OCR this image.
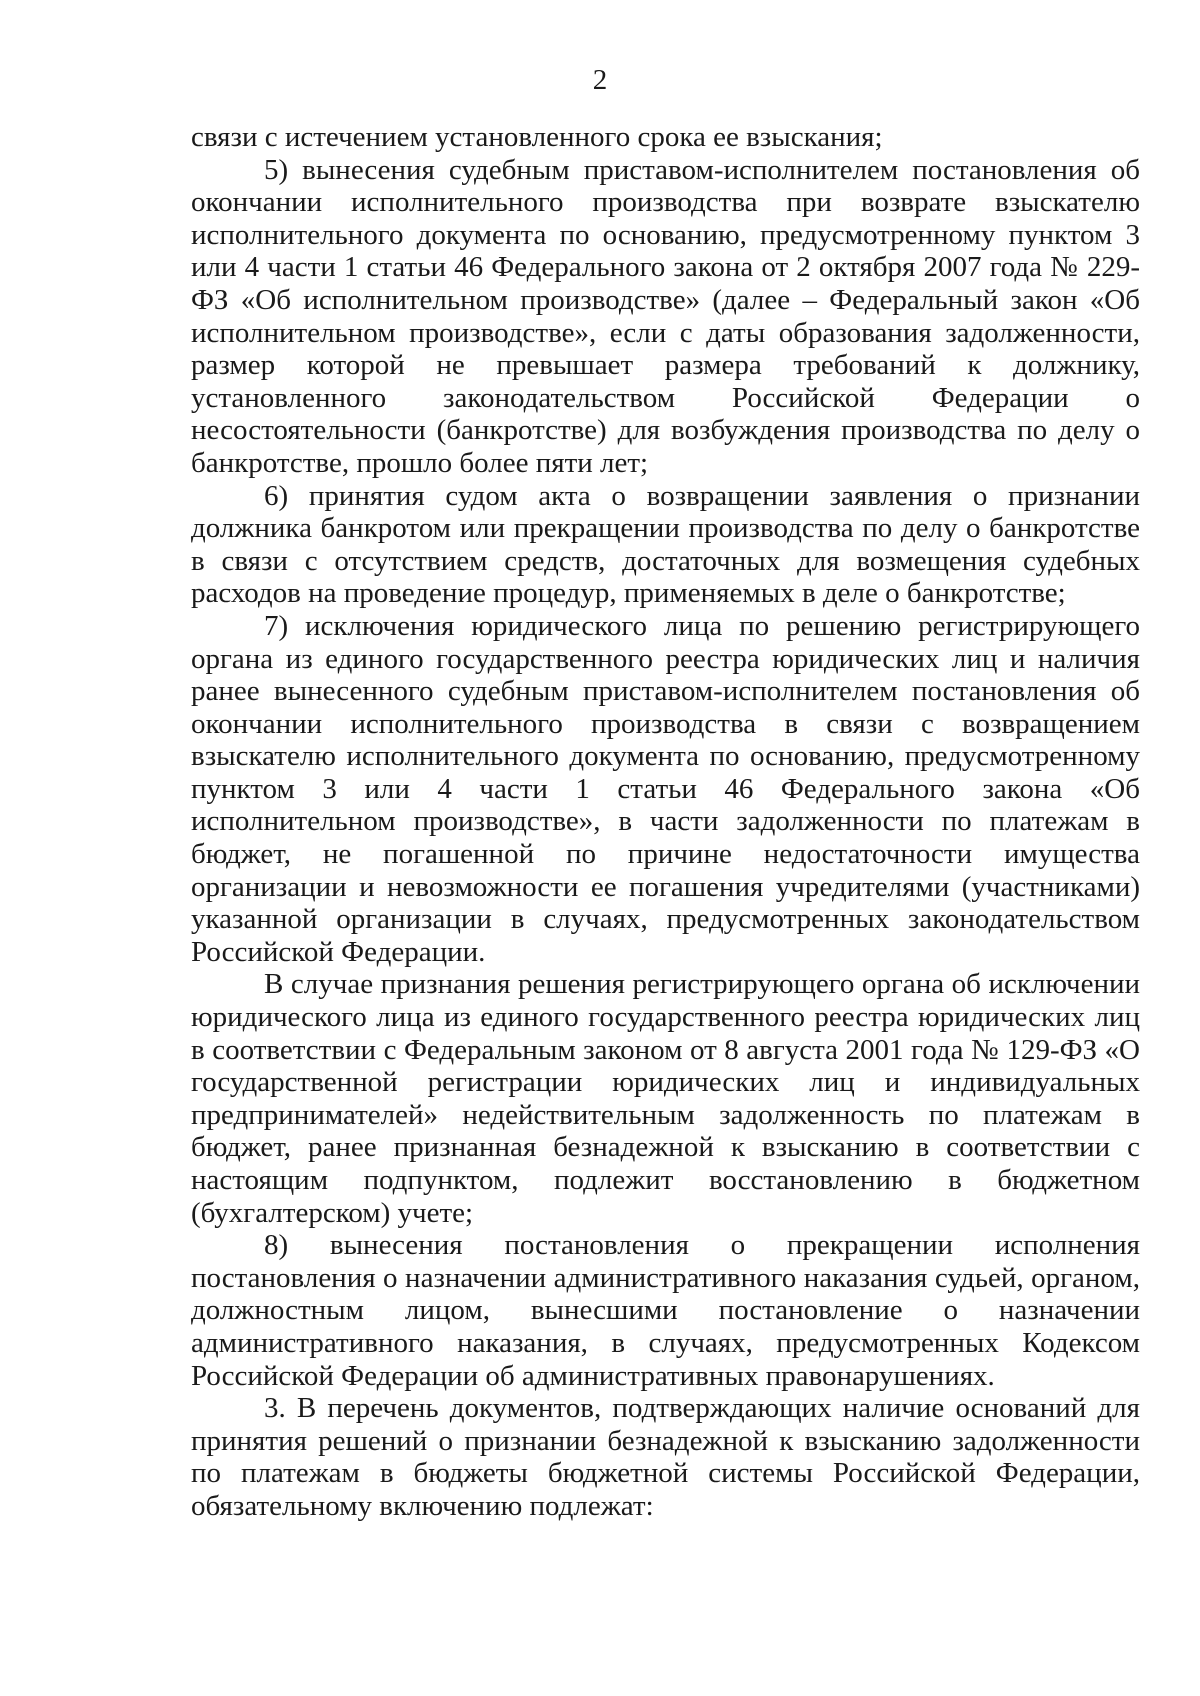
2

связи с истечением установленного срока ее взыскания;

5) вынесения судебным приставом-исполнителем постановления об окончании исполнительного производства при возврате взыскателю исполнительного документа по основанию, предусмотренному пунктом 3 или 4 части 1 статьи 46 Федерального закона от 2 октября 2007 года № 229-ФЗ «Об исполнительном производстве» (далее – Федеральный закон «Об исполнительном производстве», если с даты образования задолженности, размер которой не превышает размера требований к должнику, установленного законодательством Российской Федерации о несостоятельности (банкротстве) для возбуждения производства по делу о банкротстве, прошло более пяти лет;

6) принятия судом акта о возвращении заявления о признании должника банкротом или прекращении производства по делу о банкротстве в связи с отсутствием средств, достаточных для возмещения судебных расходов на проведение процедур, применяемых в деле о банкротстве;

7) исключения юридического лица по решению регистрирующего органа из единого государственного реестра юридических лиц и наличия ранее вынесенного судебным приставом-исполнителем постановления об окончании исполнительного производства в связи с возвращением взыскателю исполнительного документа по основанию, предусмотренному пунктом 3 или 4 части 1 статьи 46 Федерального закона «Об исполнительном производстве», в части задолженности по платежам в бюджет, не погашенной по причине недостаточности имущества организации и невозможности ее погашения учредителями (участниками) указанной организации в случаях, предусмотренных законодательством Российской Федерации.

В случае признания решения регистрирующего органа об исключении юридического лица из единого государственного реестра юридических лиц в соответствии с Федеральным законом от 8 августа 2001 года № 129-ФЗ «О государственной регистрации юридических лиц и индивидуальных предпринимателей» недействительным задолженность по платежам в бюджет, ранее признанная безнадежной к взысканию в соответствии с настоящим подпунктом, подлежит восстановлению в бюджетном (бухгалтерском) учете;

8) вынесения постановления о прекращении исполнения постановления о назначении административного наказания судьей, органом, должностным лицом, вынесшими постановление о назначении административного наказания, в случаях, предусмотренных Кодексом Российской Федерации об административных правонарушениях.

3. В перечень документов, подтверждающих наличие оснований для принятия решений о признании безнадежной к взысканию задолженности по платежам в бюджеты бюджетной системы Российской Федерации, обязательному включению подлежат:
